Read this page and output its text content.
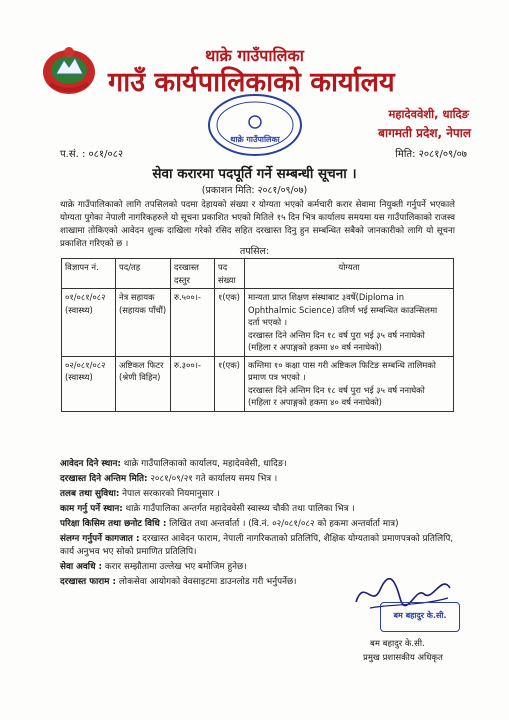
थाक्रे गाउँपालिका
गाउँ कार्यपालिकाको कार्यालय
महादेववेशी, धादिङ
बागमती प्रदेश, नेपाल
थाक्रे गाउँपालिका
प.सं. : ०८१/०८२	मिति: २०८१/०९/०७
सेवा करारमा पदपूर्ति गर्ने सम्बन्धी सूचना ।
(प्रकाशन मिति: २०८१/०९/०७)
थाक्रे गाउँपालिकाको लागि तपसिलको पदमा देहायको संख्या र योग्यता भएको कर्मचारी करार सेवामा नियुक्ती गर्नुपर्ने भएकाले योग्यता पुगेका नेपाली नागरिकहरुले यो सूचना प्रकाशित भएको मितिले १५ दिन भित्र कार्यालय समयमा यस गाउँपालिकाको राजस्व शाखामा तोकिएको आवेदन शुल्क दाखिला गरेको रसिद सहित दरखास्त दिनु हुन सम्बन्धित सबैको जानकारीको लागि यो सूचना प्रकाशित गरिएको छ ।
तपसिल:
विज्ञापन नं.	पद/तह	दरखास्त दस्तुर	पद संख्या	योग्यता
०१/०८१/०८२ (स्वास्थ्य)	नेत्र सहायक (सहायक पाँचौं)	रु.५००।-	१(एक)	मान्यता प्राप्त शिक्षण संस्थाबाट ३वर्षे(Diploma in Ophthalmic Science) उतिर्ण भई सम्बन्धित काउन्सिलमा दर्ता भएको ।
दरखास्त दिने अन्तिम दिन १८ वर्ष पुरा भई ३५ वर्ष ननाघेको (महिला र अपाङ्गको हकमा ४० वर्ष ननाघेको)

०२/०८१/०८२ (स्वास्थ्य)	अष्टिकल फिटर (श्रेणी विहिन)	रु.३००।-	१(एक)	कम्तिमा १० कक्षा पास गरी अष्टिकल फिटिङ सम्बन्धि तालिमको प्रमाण पत्र भएको ।
दरखास्त दिने अन्तिम दिन १८ वर्ष पुरा भई ३५ वर्ष ननाघेको (महिला र अपाङ्गको हकमा ४० वर्ष ननाघेको)
आवेदन दिने स्थान: थाक्रे गाउँपालिकाको कार्यालय, महादेववेसी, धादिङ।
दरखास्त दिने अन्तिम मिति: २०८१/०९/२१ गते कार्यालय समय भित्र ।
तलब तथा सुविधा: नेपाल सरकारको नियमानुसार ।
काम गर्नु पर्ने स्थान: थाक्रे गाउँपालिका अन्तर्गत महादेववेसी स्वास्थ्य चौकी तथा पालिका भित्र ।
परिक्षा किसिम तथा छनोट विधि : लिखित तथा अन्तर्वार्ता । (वि.नं. ०२/०८१/०८२ को हकमा अन्तर्वार्ता मात्र)
संलग्न गर्नुपर्ने कागजात : दरखास्त आवेदन फाराम, नेपाली नागरिकताको प्रतिलिपि, शैक्षिक योग्यताको प्रमाणपत्रको प्रतिलिपि, कार्य अनुभव भए सोको प्रमाणित प्रतिलिपि।
सेवा अवधि : करार सम्झौतामा उल्लेख भए बमोजिम हुनेछ।
दरखास्त फाराम : लोकसेवा आयोगको वेवसाइटमा डाउनलोड गरी भर्नुपर्नेछ।
बम बहादुर के.सी.
बम बहादुर के.सी.
प्रमुख प्रशासकीय अधिकृत
